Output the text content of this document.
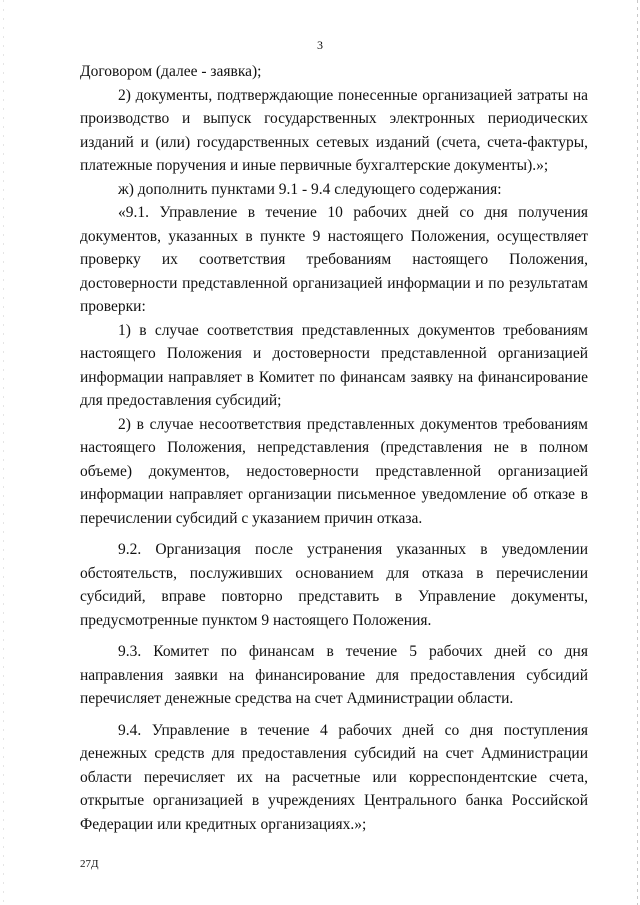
3

Договором (далее - заявка);

2) документы, подтверждающие понесенные организацией затраты на производство и выпуск государственных электронных периодических изданий и (или) государственных сетевых изданий (счета, счета-фактуры, платежные поручения и иные первичные бухгалтерские документы).»;

ж) дополнить пунктами 9.1 - 9.4 следующего содержания:

«9.1. Управление в течение 10 рабочих дней со дня получения документов, указанных в пункте 9 настоящего Положения, осуществляет проверку их соответствия требованиям настоящего Положения, достоверности представленной организацией информации и по результатам проверки:

1) в случае соответствия представленных документов требованиям настоящего Положения и достоверности представленной организацией информации направляет в Комитет по финансам заявку на финансирование для предоставления субсидий;

2) в случае несоответствия представленных документов требованиям настоящего Положения, непредставления (представления не в полном объеме) документов, недостоверности представленной организацией информации направляет организации письменное уведомление об отказе в перечислении субсидий с указанием причин отказа.

9.2. Организация после устранения указанных в уведомлении обстоятельств, послуживших основанием для отказа в перечислении субсидий, вправе повторно представить в Управление документы, предусмотренные пунктом 9 настоящего Положения.

9.3. Комитет по финансам в течение 5 рабочих дней со дня направления заявки на финансирование для предоставления субсидий перечисляет денежные средства на счет Администрации области.

9.4. Управление в течение 4 рабочих дней со дня поступления денежных средств для предоставления субсидий на счет Администрации области перечисляет их на расчетные или корреспондентские счета, открытые организацией в учреждениях Центрального банка Российской Федерации или кредитных организациях.»;

27Д
